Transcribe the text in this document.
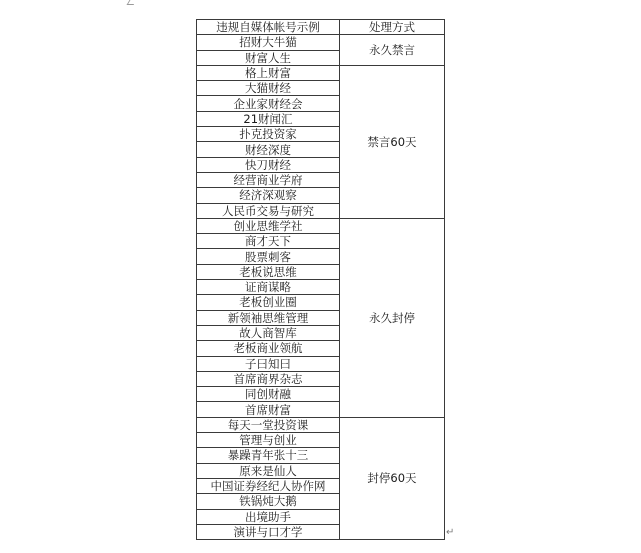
违规自媒体帐号示例	处理方式
招财大牛猫	永久禁言
财富人生	
格上财富	禁言60天
大猫财经	
企业家财经会	
21财闻汇	
扑克投资家	
财经深度	
快刀财经	
经营商业学府	
经济深观察	
人民币交易与研究	
创业思维学社	永久封停
商才天下	
股票刺客	
老板说思维	
证商谋略	
老板创业圈	
新领袖思维管理	
故人商智库	
老板商业领航	
子曰知曰	
首席商界杂志	
同创财融	
首席财富	
每天一堂投资课	封停60天
管理与创业	
暴躁青年张十三	
原来是仙人	
中国证券经纪人协作网	
铁锅炖大鹅	
出境助手	
演讲与口才学		↵
